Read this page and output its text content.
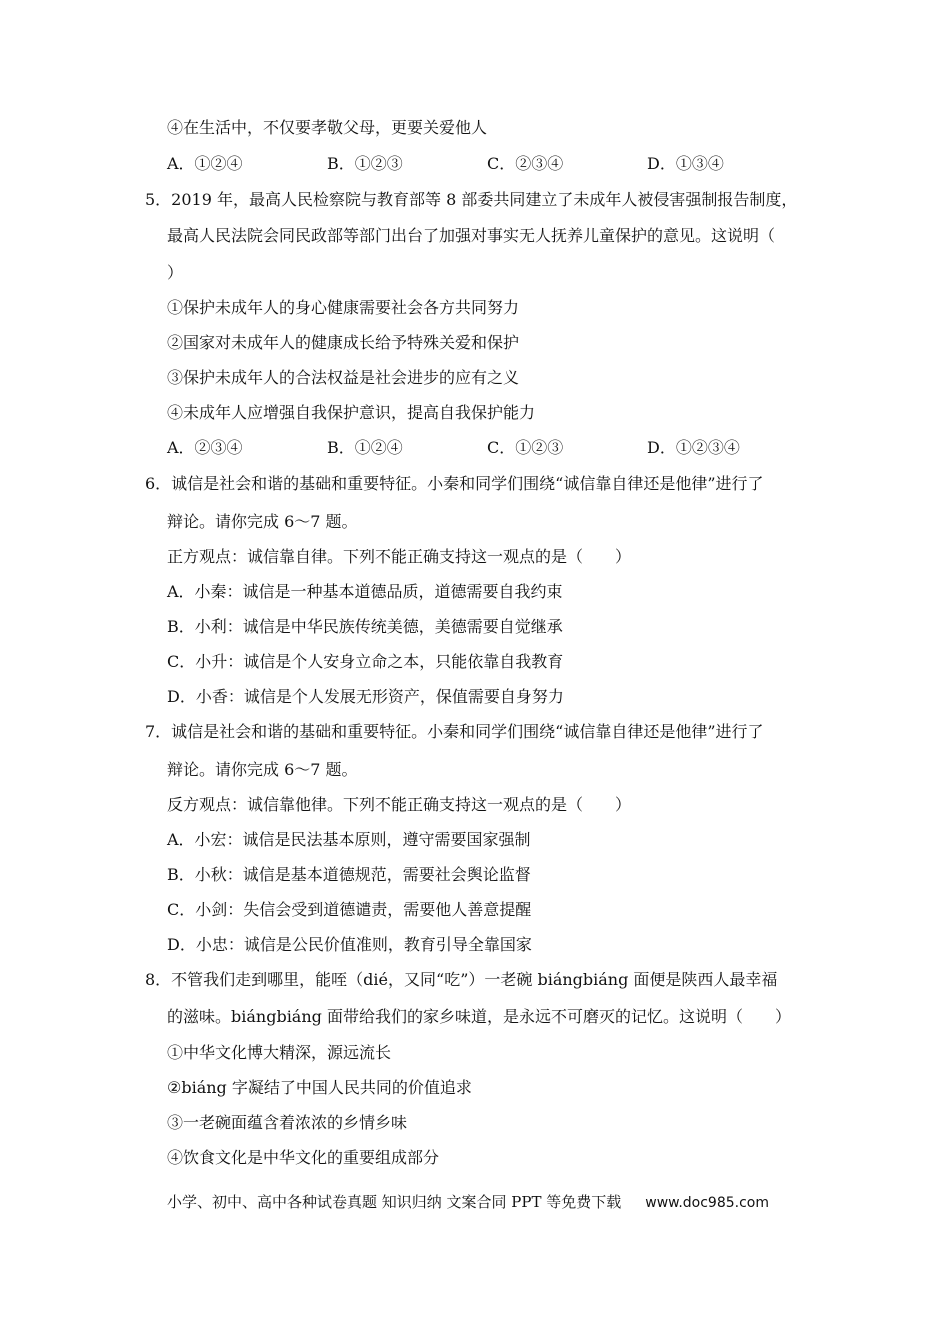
④在生活中，不仅要孝敬父母，更要关爱他人
A．①②④	B．①②③	C．②③④	D．①③④
5．2019 年，最高人民检察院与教育部等 8 部委共同建立了未成年人被侵害强制报告制度，
最高人民法院会同民政部等部门出台了加强对事实无人抚养儿童保护的意见。这说明（
）
①保护未成年人的身心健康需要社会各方共同努力
②国家对未成年人的健康成长给予特殊关爱和保护
③保护未成年人的合法权益是社会进步的应有之义
④未成年人应增强自我保护意识，提高自我保护能力
A．②③④	B．①②④	C．①②③	D．①②③④
6．诚信是社会和谐的基础和重要特征。小秦和同学们围绕“诚信靠自律还是他律”进行了
辩论。请你完成 6～7 题。
正方观点：诚信靠自律。下列不能正确支持这一观点的是（　　）
A．小秦：诚信是一种基本道德品质，道德需要自我约束
B．小利：诚信是中华民族传统美德，美德需要自觉继承
C．小升：诚信是个人安身立命之本，只能依靠自我教育
D．小香：诚信是个人发展无形资产，保值需要自身努力
7．诚信是社会和谐的基础和重要特征。小秦和同学们围绕“诚信靠自律还是他律”进行了
辩论。请你完成 6～7 题。
反方观点：诚信靠他律。下列不能正确支持这一观点的是（　　）
A．小宏：诚信是民法基本原则，遵守需要国家强制
B．小秋：诚信是基本道德规范，需要社会舆论监督
C．小剑：失信会受到道德谴责，需要他人善意提醒
D．小忠：诚信是公民价值准则，教育引导全靠国家
8．不管我们走到哪里，能咥（dié，又同“吃”）一老碗 biángbiáng 面便是陕西人最幸福
的滋味。biángbiáng 面带给我们的家乡味道，是永远不可磨灭的记忆。这说明（　　）
①中华文化博大精深，源远流长
②biáng 字凝结了中国人民共同的价值追求
③一老碗面蕴含着浓浓的乡情乡味
④饮食文化是中华文化的重要组成部分
小学、初中、高中各种试卷真题 知识归纳 文案合同 PPT 等免费下载 www.doc985.com
